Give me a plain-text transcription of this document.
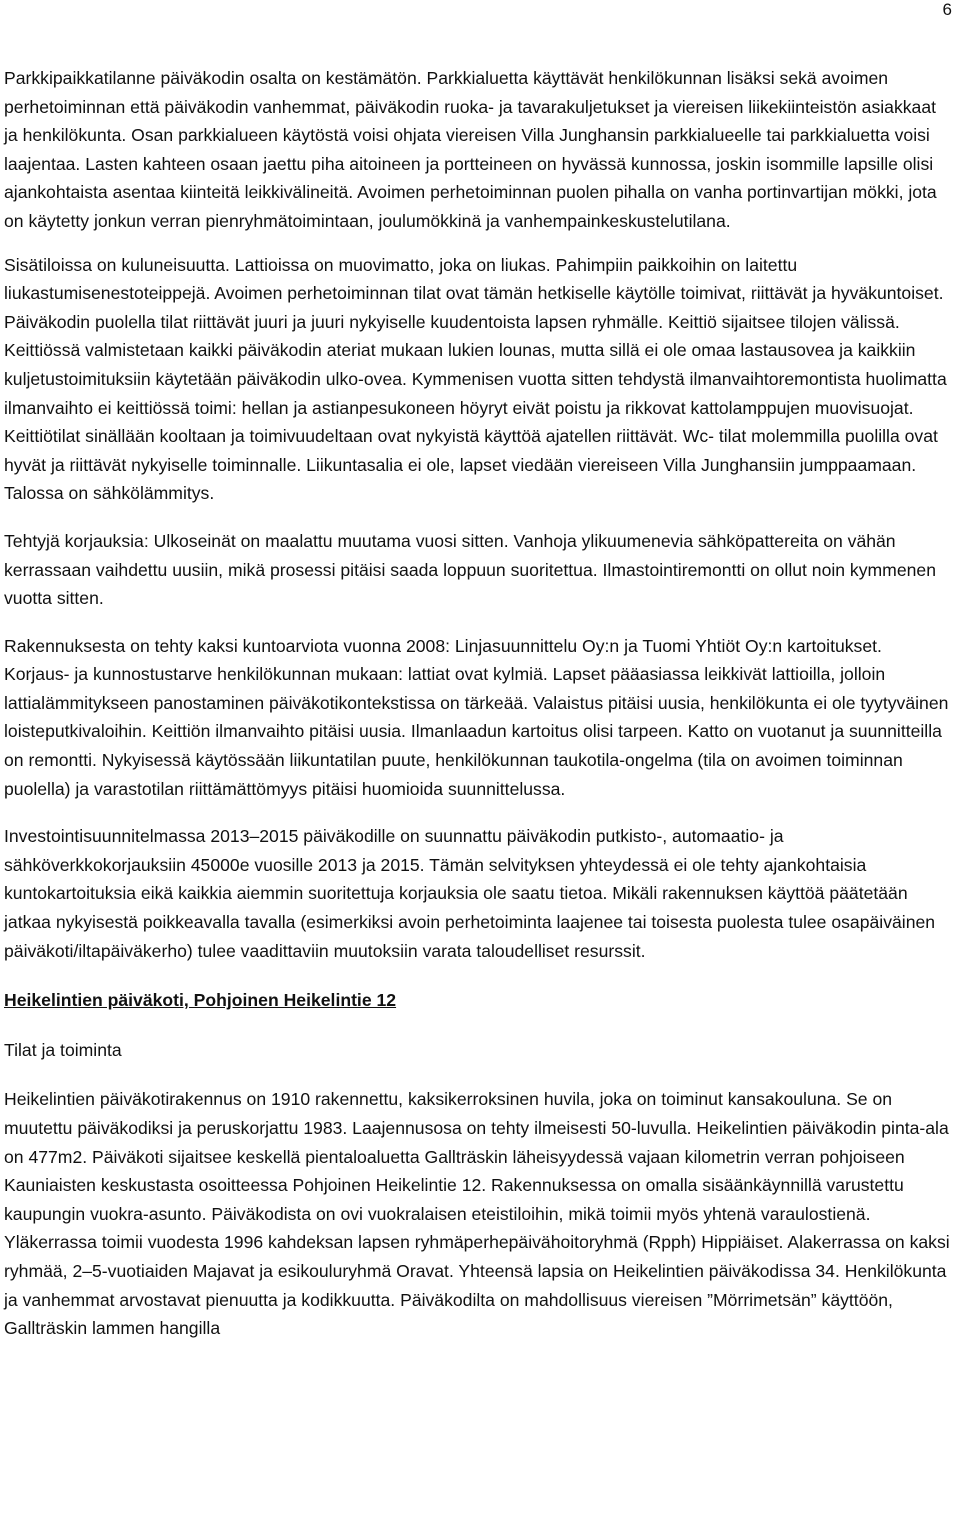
6

Parkkipaikkatilanne päiväkodin osalta on kestämätön. Parkkialuetta käyttävät henkilökunnan lisäksi sekä avoimen perhetoiminnan että päiväkodin vanhemmat, päiväkodin ruoka- ja tavarakuljetukset ja viereisen liikekiinteistön asiakkaat ja henkilökunta. Osan parkkialueen käytöstä voisi ohjata viereisen Villa Junghansin parkkialueelle tai parkkialuetta voisi laajentaa. Lasten kahteen osaan jaettu piha aitoineen ja portteineen on hyvässä kunnossa, joskin isommille lapsille olisi ajankohtaista asentaa kiinteitä leikkivälineitä. Avoimen perhetoiminnan puolen pihalla on vanha portinvartijan mökki, jota on käytetty jonkun verran pienryhmätoimintaan, joulumökkinä ja vanhempainkeskustelutilana.

Sisätiloissa on kuluneisuutta. Lattioissa on muovimatto, joka on liukas. Pahimpiin paikkoihin on laitettu liukastumisenestoteippejä. Avoimen perhetoiminnan tilat ovat tämän hetkiselle käytölle toimivat, riittävät ja hyväkuntoiset. Päiväkodin puolella tilat riittävät juuri ja juuri nykyiselle kuudentoista lapsen ryhmälle. Keittiö sijaitsee tilojen välissä. Keittiössä valmistetaan kaikki päiväkodin ateriat mukaan lukien lounas, mutta sillä ei ole omaa lastausovea ja kaikkiin kuljetustoimituksiin käytetään päiväkodin ulko-ovea. Kymmenisen vuotta sitten tehdystä ilmanvaihtoremontista huolimatta ilmanvaihto ei keittiössä toimi: hellan ja astianpesukoneen höyryt eivät poistu ja rikkovat kattolamppujen muovisuojat. Keittiötilat sinällään kooltaan ja toimivuudeltaan ovat nykyistä käyttöä ajatellen riittävät. Wc- tilat molemmilla puolilla ovat hyvät ja riittävät nykyiselle toiminnalle. Liikuntasalia ei ole, lapset viedään viereiseen Villa Junghansiin jumppaamaan. Talossa on sähkölämmitys.

Tehtyjä korjauksia: Ulkoseinät on maalattu muutama vuosi sitten. Vanhoja ylikuumenevia sähköpattereita on vähän kerrassaan vaihdettu uusiin, mikä prosessi pitäisi saada loppuun suoritettua. Ilmastointiremontti on ollut noin kymmenen vuotta sitten.

Rakennuksesta on tehty kaksi kuntoarviota vuonna 2008: Linjasuunnittelu Oy:n ja Tuomi Yhtiöt Oy:n kartoitukset. Korjaus- ja kunnostustarve henkilökunnan mukaan: lattiat ovat kylmiä. Lapset pääasiassa leikkivät lattioilla, jolloin lattialämmitykseen panostaminen päiväkotikontekstissa on tärkeää. Valaistus pitäisi uusia, henkilökunta ei ole tyytyväinen loisteputkivaloihin. Keittiön ilmanvaihto pitäisi uusia. Ilmanlaadun kartoitus olisi tarpeen. Katto on vuotanut ja suunnitteilla on remontti. Nykyisessä käytössään liikuntatilan puute, henkilökunnan taukotila-ongelma (tila on avoimen toiminnan puolella) ja varastotilan riittämättömyys pitäisi huomioida suunnittelussa.

Investointisuunnitelmassa 2013–2015 päiväkodille on suunnattu päiväkodin putkisto-, automaatio- ja sähköverkkokorjauksiin 45000e vuosille 2013 ja 2015. Tämän selvityksen yhteydessä ei ole tehty ajankohtaisia kuntokartoituksia eikä kaikkia aiemmin suoritettuja korjauksia ole saatu tietoa. Mikäli rakennuksen käyttöä päätetään jatkaa nykyisestä poikkeavalla tavalla (esimerkiksi avoin perhetoiminta laajenee tai toisesta puolesta tulee osapäiväinen päiväkoti/iltapäiväkerho) tulee vaadittaviin muutoksiin varata taloudelliset resurssit.

Heikelintien päiväkoti, Pohjoinen Heikelintie 12

Tilat ja toiminta

Heikelintien päiväkotirakennus on 1910 rakennettu, kaksikerroksinen huvila, joka on toiminut kansakouluna. Se on muutettu päiväkodiksi ja peruskorjattu 1983. Laajennusosa on tehty ilmeisesti 50-luvulla. Heikelintien päiväkodin pinta-ala on 477m2. Päiväkoti sijaitsee keskellä pientaloaluetta Gallträskin läheisyydessä vajaan kilometrin verran pohjoiseen Kauniaisten keskustasta osoitteessa Pohjoinen Heikelintie 12. Rakennuksessa on omalla sisäänkäynnillä varustettu kaupungin vuokra-asunto. Päiväkodista on ovi vuokralaisen eteistiloihin, mikä toimii myös yhtenä varaulostienä. Yläkerrassa toimii vuodesta 1996 kahdeksan lapsen ryhmäperhepäivähoitoryhmä (Rpph) Hippiäiset. Alakerrassa on kaksi ryhmää, 2–5-vuotiaiden Majavat ja esikouluryhmä Oravat. Yhteensä lapsia on Heikelintien päiväkodissa 34. Henkilökunta ja vanhemmat arvostavat pienuutta ja kodikkuutta. Päiväkodilta on mahdollisuus viereisen ”Mörrimetsän” käyttöön, Gallträskin lammen hangilla
